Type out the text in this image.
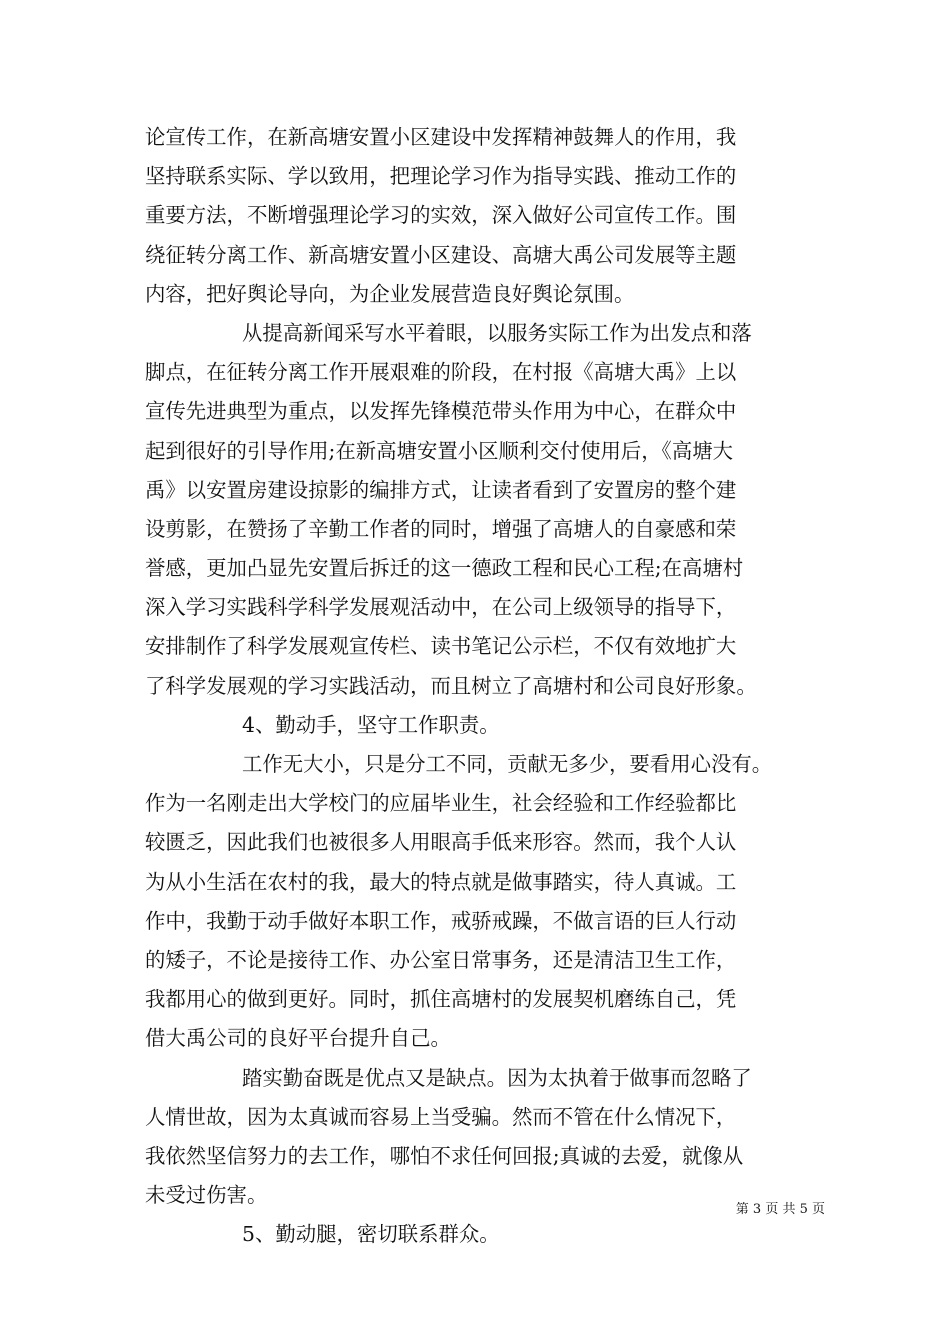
论宣传工作，在新高塘安置小区建设中发挥精神鼓舞人的作用，我
坚持联系实际、学以致用，把理论学习作为指导实践、推动工作的
重要方法，不断增强理论学习的实效，深入做好公司宣传工作。围
绕征转分离工作、新高塘安置小区建设、高塘大禹公司发展等主题
内容，把好舆论导向，为企业发展营造良好舆论氛围。
从提高新闻采写水平着眼，以服务实际工作为出发点和落
脚点，在征转分离工作开展艰难的阶段，在村报《高塘大禹》上以
宣传先进典型为重点，以发挥先锋模范带头作用为中心，在群众中
起到很好的引导作用;在新高塘安置小区顺利交付使用后，《高塘大
禹》以安置房建设掠影的编排方式，让读者看到了安置房的整个建
设剪影，在赞扬了辛勤工作者的同时，增强了高塘人的自豪感和荣
誉感，更加凸显先安置后拆迁的这一德政工程和民心工程;在高塘村
深入学习实践科学科学发展观活动中，在公司上级领导的指导下，
安排制作了科学发展观宣传栏、读书笔记公示栏，不仅有效地扩大
了科学发展观的学习实践活动，而且树立了高塘村和公司良好形象。
4、勤动手，坚守工作职责。
工作无大小，只是分工不同，贡献无多少，要看用心没有。
作为一名刚走出大学校门的应届毕业生，社会经验和工作经验都比
较匮乏，因此我们也被很多人用眼高手低来形容。然而，我个人认
为从小生活在农村的我，最大的特点就是做事踏实，待人真诚。工
作中，我勤于动手做好本职工作，戒骄戒躁，不做言语的巨人行动
的矮子，不论是接待工作、办公室日常事务，还是清洁卫生工作，
我都用心的做到更好。同时，抓住高塘村的发展契机磨练自己，凭
借大禹公司的良好平台提升自己。
踏实勤奋既是优点又是缺点。因为太执着于做事而忽略了
人情世故，因为太真诚而容易上当受骗。然而不管在什么情况下，
我依然坚信努力的去工作，哪怕不求任何回报;真诚的去爱，就像从
未受过伤害。
5、勤动腿，密切联系群众。
第 3 页 共 5 页
